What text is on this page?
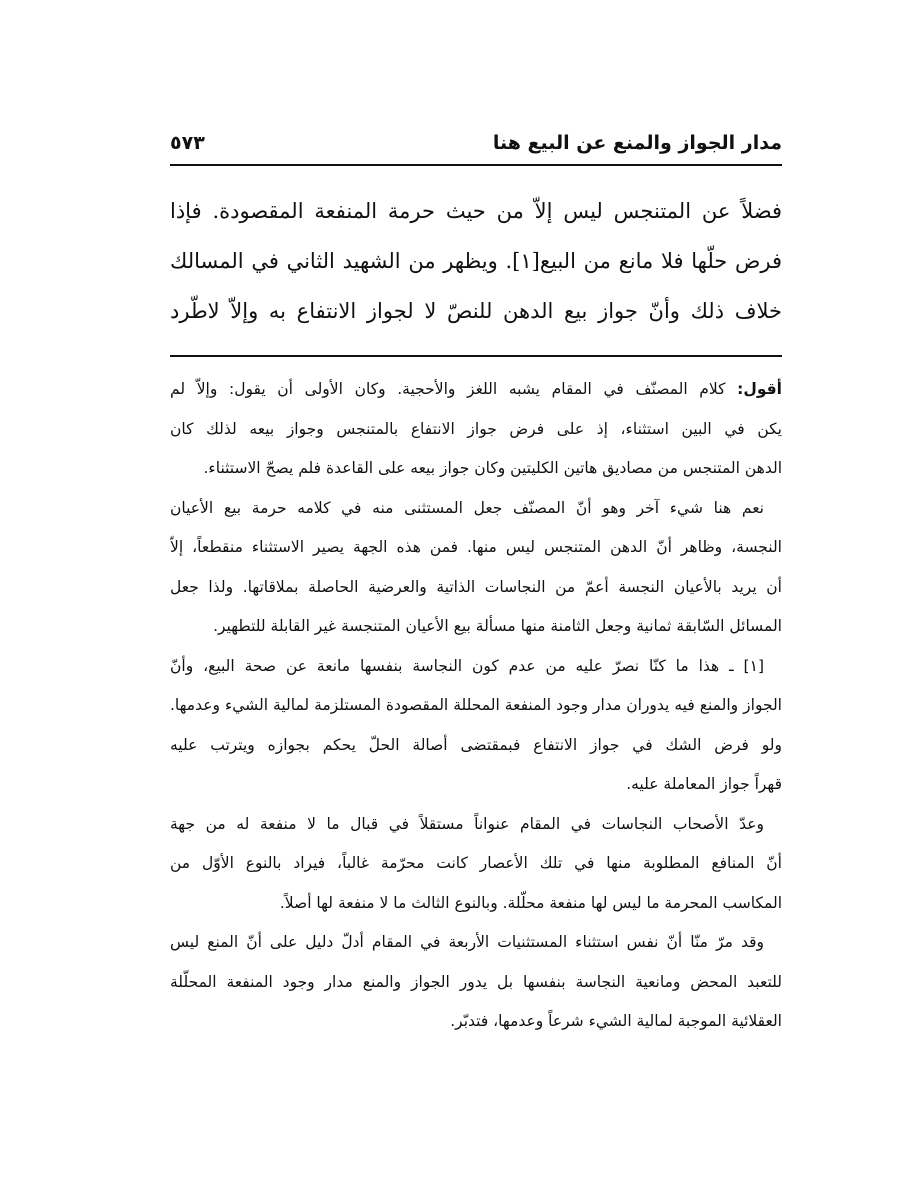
مدار الجواز والمنع عن البيع هنا
٥٧٣
فضلاً عن المتنجس ليس إلاّ من حيث حرمة المنفعة المقصودة. فإذا
فرض حلّها فلا مانع من البيع[١]. ويظهر من الشهيد الثاني في المسالك
خلاف ذلك وأنّ جواز بيع الدهن للنصّ لا لجواز الانتفاع به وإلاّ لاطّرد
أقول: كلام المصنّف في المقام يشبه اللغز والأحجية. وكان الأولى أن يقول: وإلاّ لم
يكن في البين استثناء، إذ على فرض جواز الانتفاع بالمتنجس وجواز بيعه لذلك كان
الدهن المتنجس من مصاديق هاتين الكليتين وكان جواز بيعه على القاعدة فلم يصحّ الاستثناء.
نعم هنا شيء آخر وهو أنّ المصنّف جعل المستثنى منه في كلامه حرمة بيع الأعيان
النجسة، وظاهر أنّ الدهن المتنجس ليس منها. فمن هذه الجهة يصير الاستثناء منقطعاً، إلاّ
أن يريد بالأعيان النجسة أعمّ من النجاسات الذاتية والعرضية الحاصلة بملاقاتها. ولذا جعل
المسائل السّابقة ثمانية وجعل الثامنة منها مسألة بيع الأعيان المتنجسة غير القابلة للتطهير.
[١] ـ هذا ما كنّا نصرّ عليه من عدم كون النجاسة بنفسها مانعة عن صحة البيع، وأنّ
الجواز والمنع فيه يدوران مدار وجود المنفعة المحللة المقصودة المستلزمة لمالية الشيء وعدمها.
ولو فرض الشك في جواز الانتفاع فبمقتضى أصالة الحلّ يحكم بجوازه ويترتب عليه
قهراً جواز المعاملة عليه.
وعدّ الأصحاب النجاسات في المقام عنواناً مستقلاً في قبال ما لا منفعة له من جهة
أنّ المنافع المطلوبة منها في تلك الأعصار كانت محرّمة غالباً، فيراد بالنوع الأوّل من
المكاسب المحرمة ما ليس لها منفعة محلّلة. وبالنوع الثالث ما لا منفعة لها أصلاً.
وقد مرّ منّا أنّ نفس استثناء المستثنيات الأربعة في المقام أدلّ دليل على أنّ المنع ليس
للتعبد المحض ومانعية النجاسة بنفسها بل يدور الجواز والمنع مدار وجود المنفعة المحلّلة
العقلائية الموجبة لمالية الشيء شرعاً وعدمها، فتدبّر.
